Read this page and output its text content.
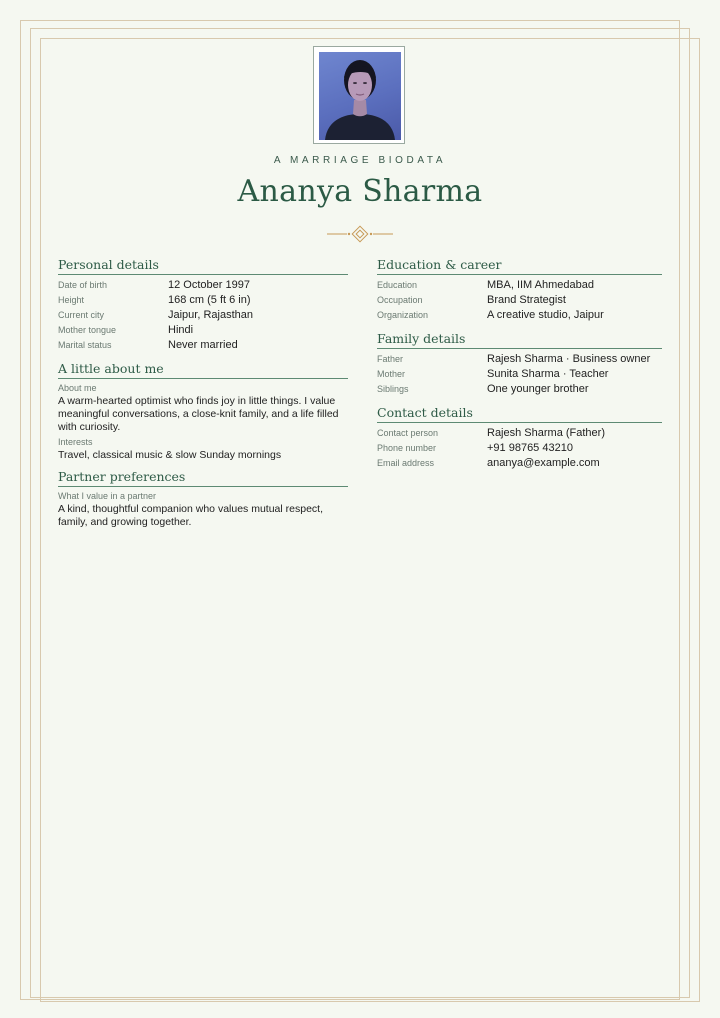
A MARRIAGE BIODATA
Ananya Sharma
Personal details
Date of birth	12 October 1997
Height	168 cm (5 ft 6 in)
Current city	Jaipur, Rajasthan
Mother tongue	Hindi
Marital status	Never married
A little about me
About me
A warm-hearted optimist who finds joy in little things. I value meaningful conversations, a close-knit family, and a life filled with curiosity.
Interests
Travel, classical music & slow Sunday mornings
Partner preferences
What I value in a partner
A kind, thoughtful companion who values mutual respect, family, and growing together.
Education & career
Education	MBA, IIM Ahmedabad
Occupation	Brand Strategist
Organization	A creative studio, Jaipur
Family details
Father	Rajesh Sharma · Business owner
Mother	Sunita Sharma · Teacher
Siblings	One younger brother
Contact details
Contact person	Rajesh Sharma (Father)
Phone number	+91 98765 43210
Email address	ananya@example.com
